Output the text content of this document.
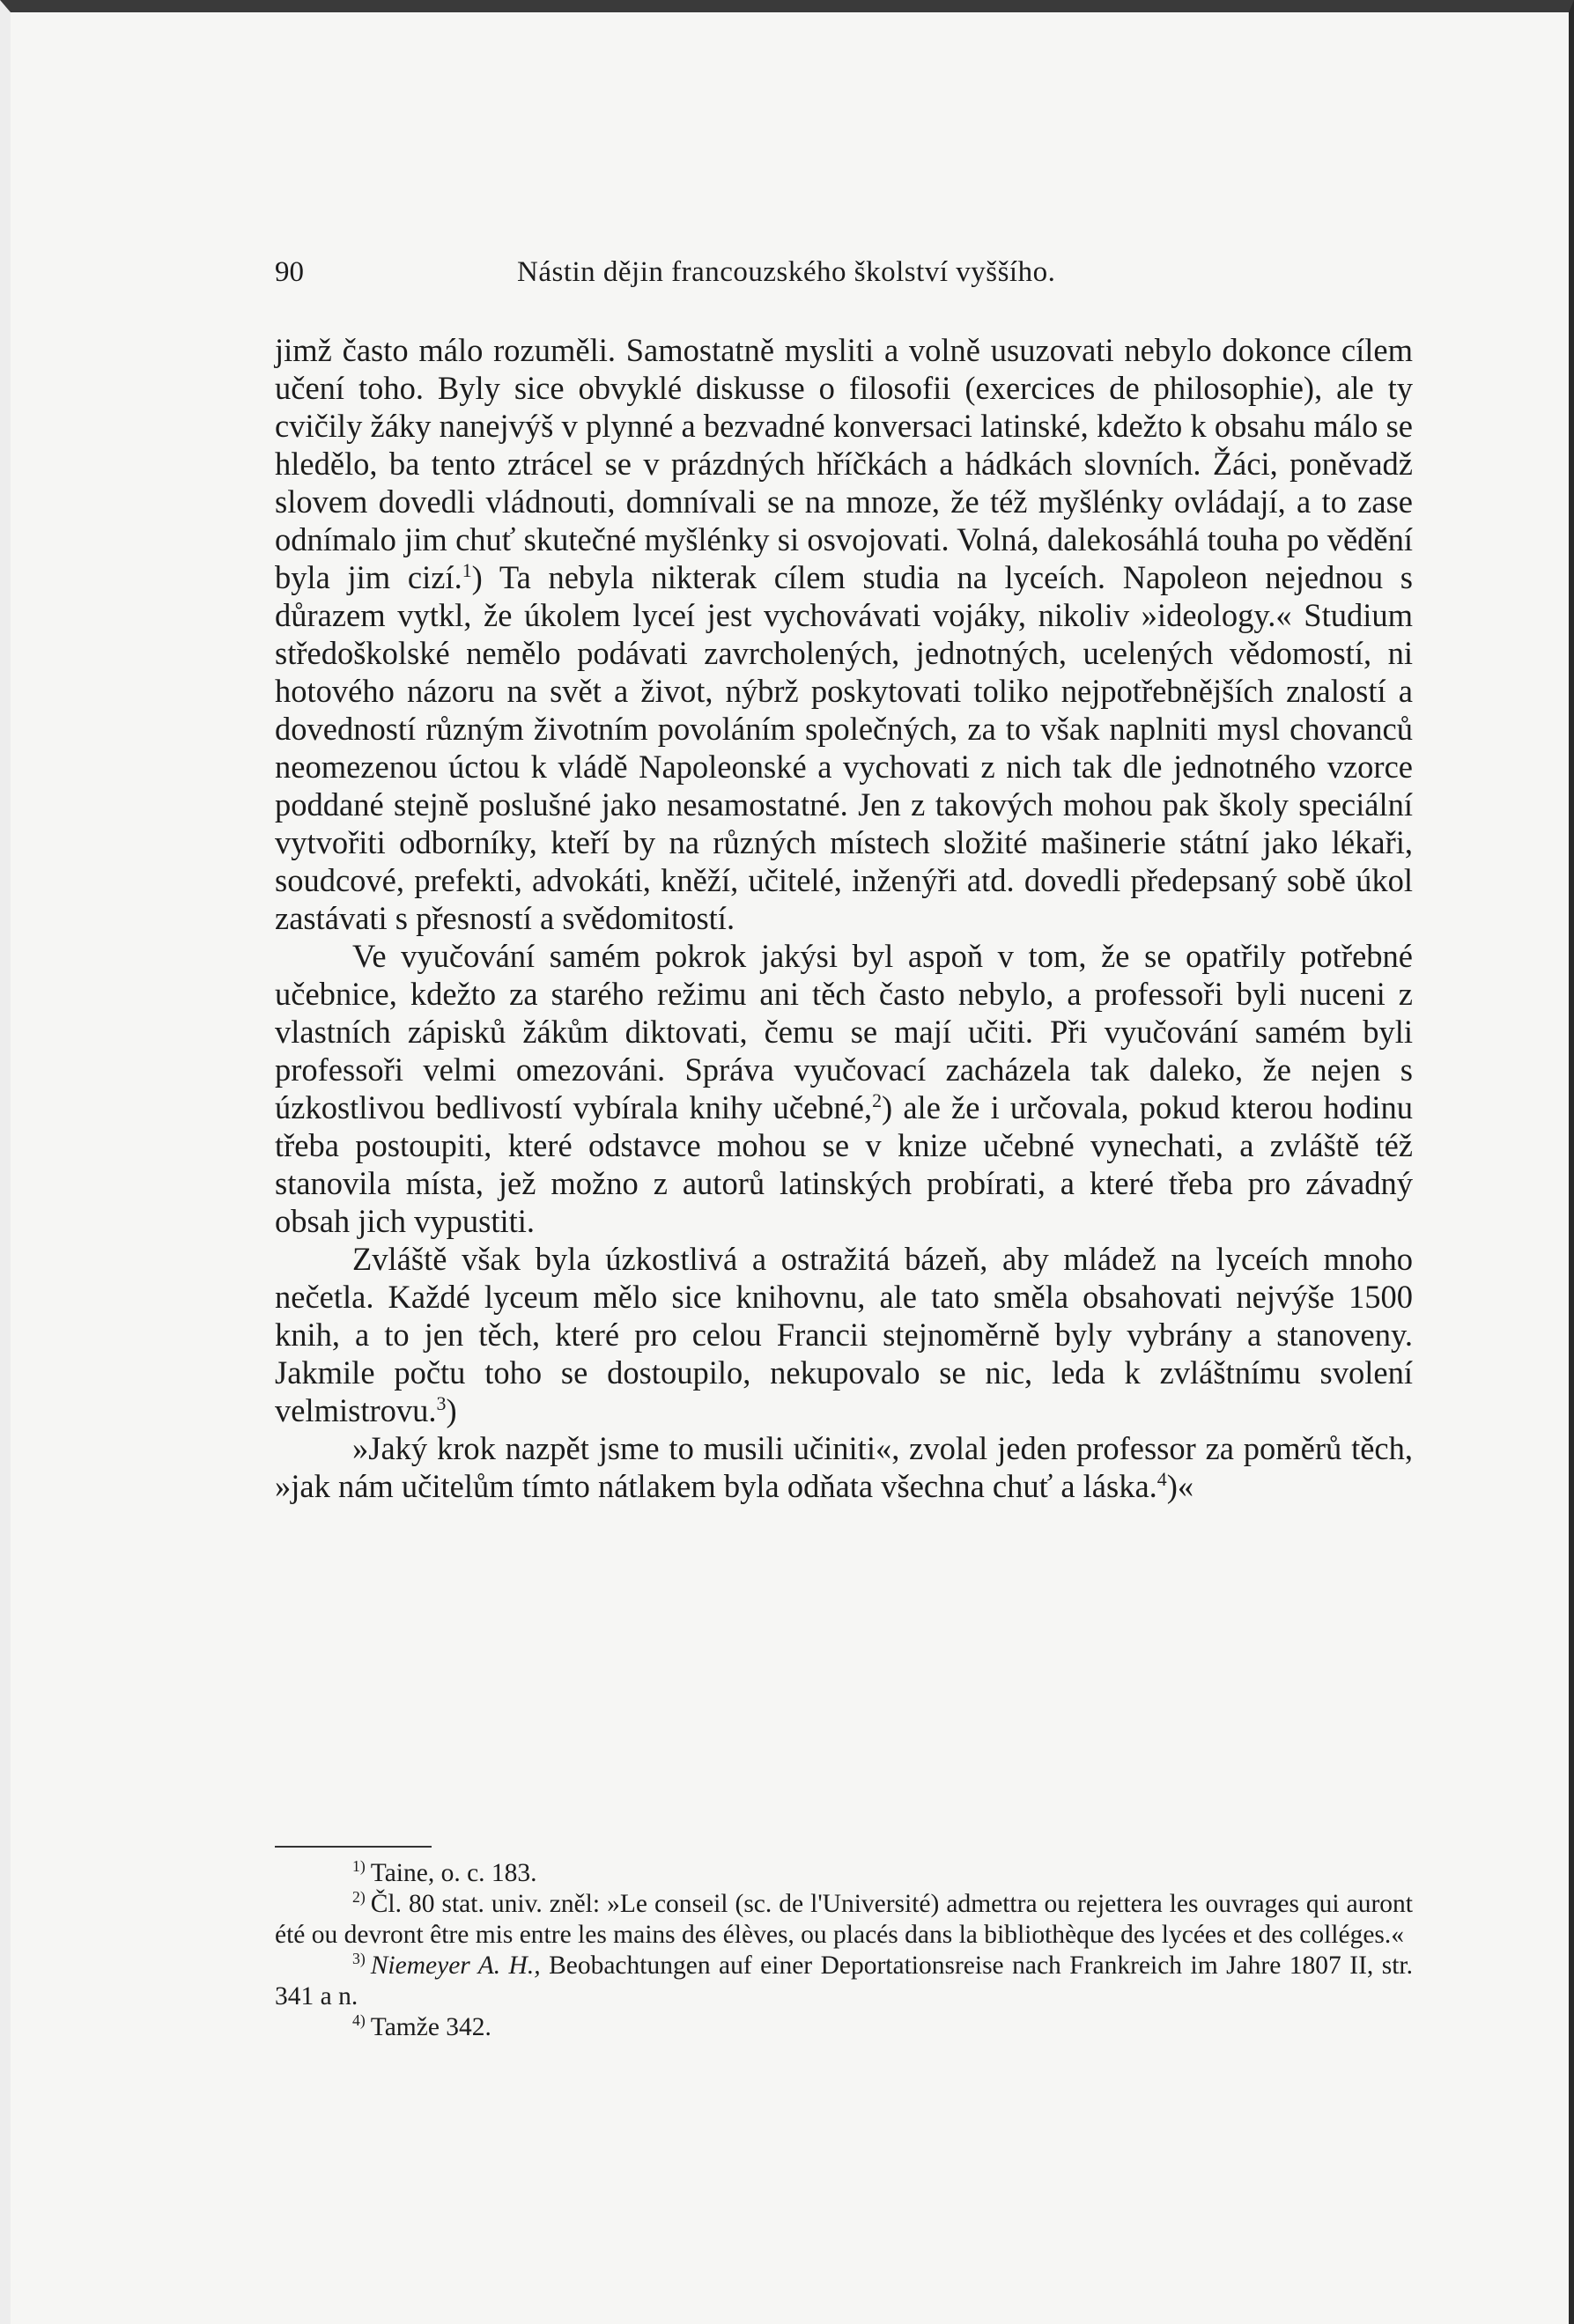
90	Nástin dějin francouzského školství vyššího.

jimž často málo rozuměli. Samostatně mysliti a volně usuzovati nebylo dokonce cílem učení toho. Byly sice obvyklé diskusse o filosofii (exercices de philosophie), ale ty cvičily žáky nanejvýš v plynné a bezvadné konversaci latinské, kdežto k obsahu málo se hledělo, ba tento ztrácel se v prázdných hříčkách a hádkách slovních. Žáci, poněvadž slovem dovedli vládnouti, domnívali se na mnoze, že též myšlénky ovládají, a to zase odnímalo jim chuť skutečné myšlénky si osvojovati. Volná, dalekosáhlá touha po vědění byla jim cizí.$^1$) Ta nebyla nikterak cílem studia na lyceích. Napoleon nejednou s důrazem vytkl, že úkolem lyceí jest vychovávati vojáky, nikoliv »ideology.« Studium středoškolské nemělo podávati zavrcholených, jednotných, ucelených vědomostí, ni hotového názoru na svět a život, nýbrž poskytovati toliko nejpotřebnějších znalostí a dovedností různým životním povoláním společných, za to však naplniti mysl chovanců neomezenou úctou k vládě Napoleonské a vychovati z nich tak dle jednotného vzorce poddané stejně poslušné jako nesamostatné. Jen z takových mohou pak školy speciální vytvořiti odborníky, kteří by na různých místech složité mašinerie státní jako lékaři, soudcové, prefekti, advokáti, kněží, učitelé, inženýři atd. dovedli předepsaný sobě úkol zastávati s přesností a svědomitostí.

Ve vyučování samém pokrok jakýsi byl aspoň v tom, že se opatřily potřebné učebnice, kdežto za starého režimu ani těch často nebylo, a professoři byli nuceni z vlastních zápisků žákům diktovati, čemu se mají učiti. Při vyučování samém byli professoři velmi omezováni. Správa vyučovací zacházela tak daleko, že nejen s úzkostlivou bedlivostí vybírala knihy učebné,$^2$) ale že i určovala, pokud kterou hodinu třeba postoupiti, které odstavce mohou se v knize učebné vynechati, a zvláště též stanovila místa, jež možno z autorů latinských probírati, a které třeba pro závadný obsah jich vypustiti.

Zvláště však byla úzkostlivá a ostražitá bázeň, aby mládež na lyceích mnoho nečetla. Každé lyceum mělo sice knihovnu, ale tato směla obsahovati nejvýše 1500 knih, a to jen těch, které pro celou Francii stejnoměrně byly vybrány a stanoveny. Jakmile počtu toho se dostoupilo, nekupovalo se nic, leda k zvláštnímu svolení velmistrovu.$^3$)

»Jaký krok nazpět jsme to musili učiniti«, zvolal jeden professor za poměrů těch, »jak nám učitelům tímto nátlakem byla odňata všechna chuť a láska.$^4$)«

$^{1)}$ Taine, o. c. 183.

$^{2)}$ Čl. 80 stat. univ. zněl: »Le conseil (sc. de l'Université) admettra ou rejettera les ouvrages qui auront été ou devront être mis entre les mains des élèves, ou placés dans la bibliothèque des lycées et des colléges.«

$^{3)}$ Niemeyer A. H., Beobachtungen auf einer Deportationsreise nach Frankreich im Jahre 1807 II, str. 341 a n.

$^{4)}$ Tamže 342.
